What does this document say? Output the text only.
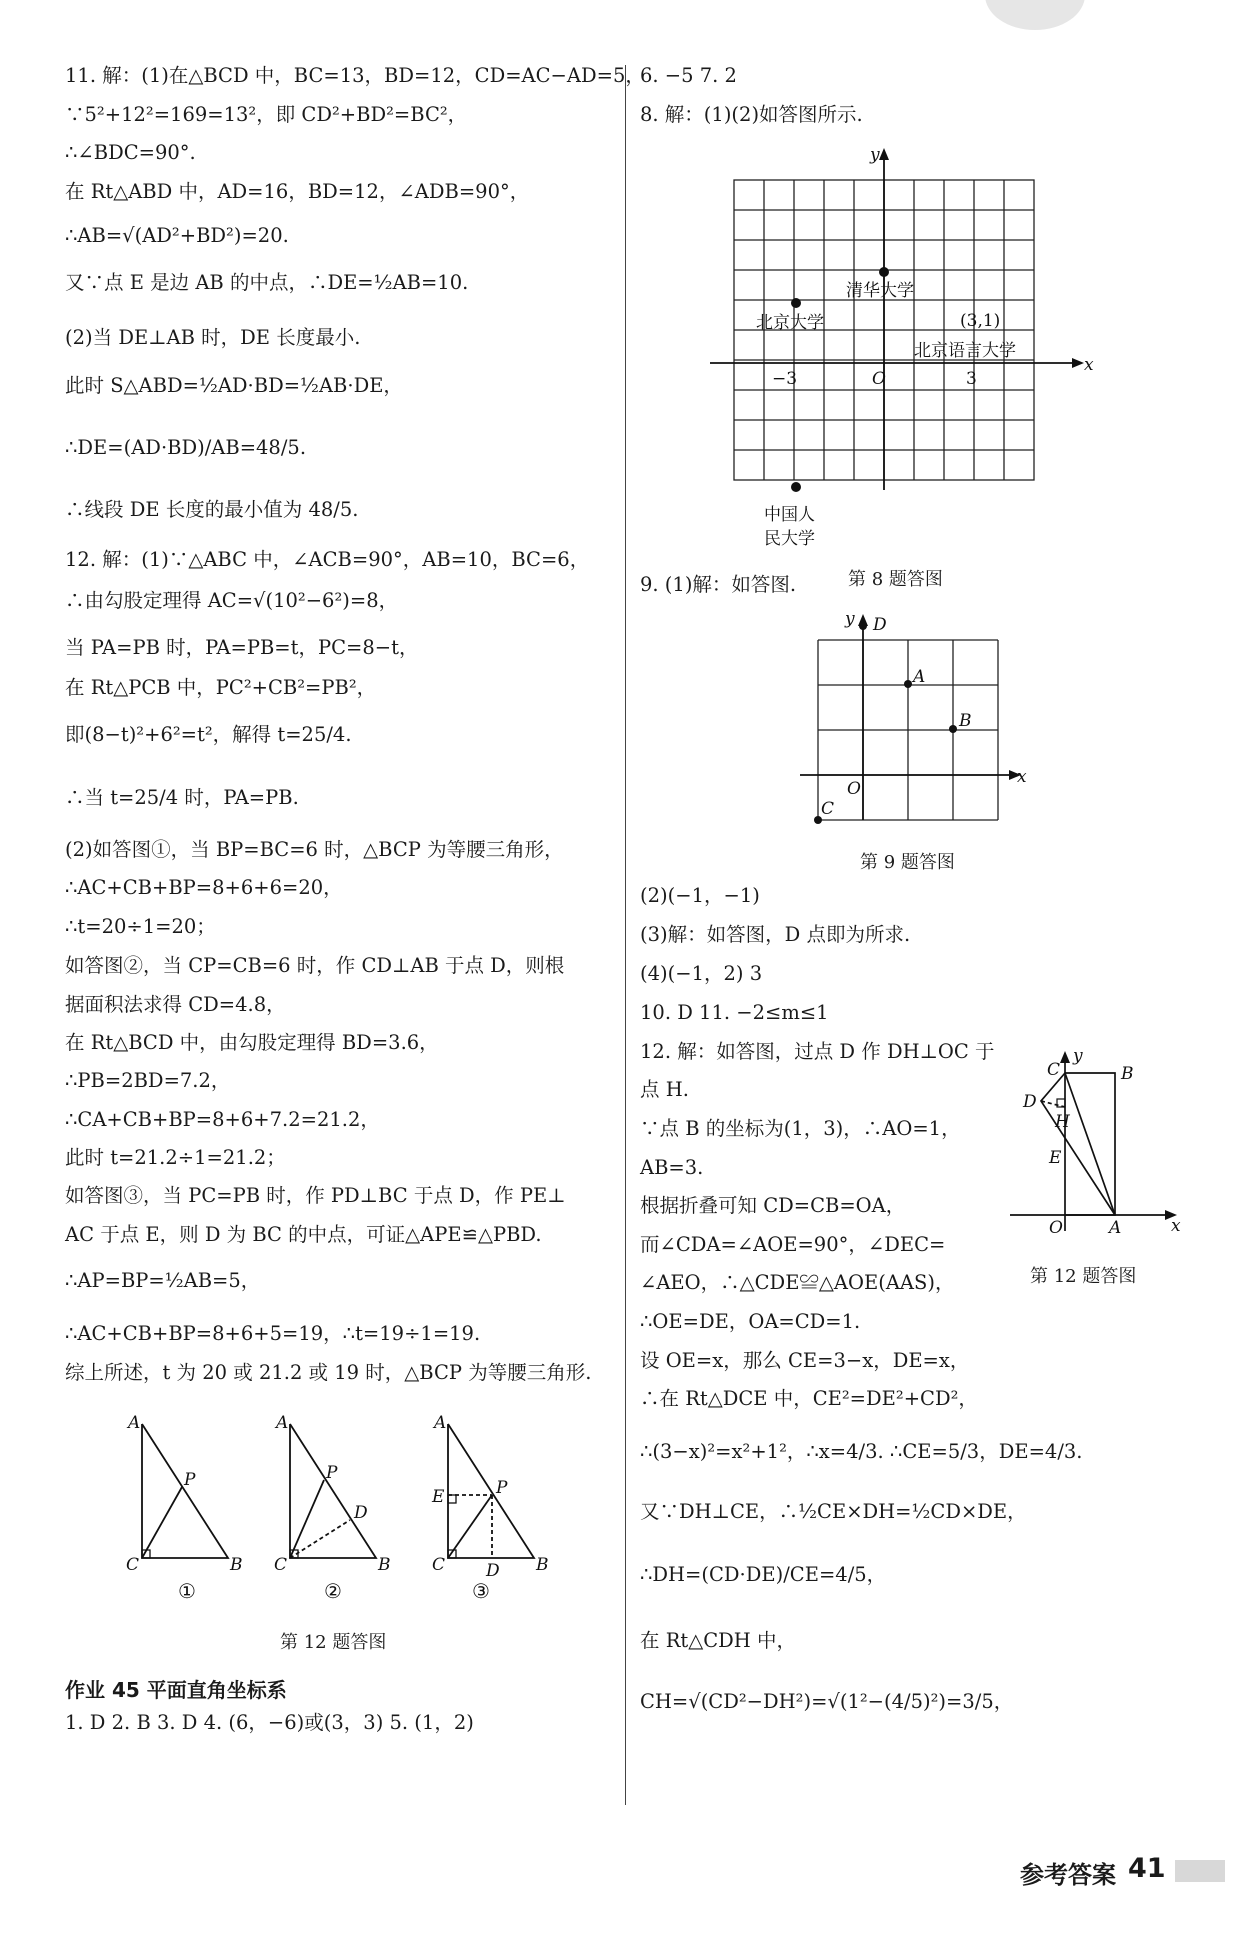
11. 解：(1)在△BCD 中，BC=13，BD=12，CD=AC−AD=5，
∵5²+12²=169=13²，即 CD²+BD²=BC²，
∴∠BDC=90°.
在 Rt△ABD 中，AD=16，BD=12，∠ADB=90°，
∴AB=√(AD²+BD²)=20.
又∵点 E 是边 AB 的中点，∴DE=½AB=10.
(2)当 DE⊥AB 时，DE 长度最小.
此时 S△ABD=½AD·BD=½AB·DE，
∴DE=(AD·BD)/AB=48/5.
∴线段 DE 长度的最小值为 48/5.
12. 解：(1)∵△ABC 中，∠ACB=90°，AB=10，BC=6，
∴由勾股定理得 AC=√(10²−6²)=8，
当 PA=PB 时，PA=PB=t，PC=8−t，
在 Rt△PCB 中，PC²+CB²=PB²，
即(8−t)²+6²=t²，解得 t=25/4.
∴当 t=25/4 时，PA=PB.
(2)如答图①，当 BP=BC=6 时，△BCP 为等腰三角形，
∴AC+CB+BP=8+6+6=20，
∴t=20÷1=20；
如答图②，当 CP=CB=6 时，作 CD⊥AB 于点 D，则根
据面积法求得 CD=4.8，
在 Rt△BCD 中，由勾股定理得 BD=3.6，
∴PB=2BD=7.2，
∴CA+CB+BP=8+6+7.2=21.2，
此时 t=21.2÷1=21.2；
如答图③，当 PC=PB 时，作 PD⊥BC 于点 D，作 PE⊥
AC 于点 E，则 D 为 BC 的中点，可证△APE≌△PBD.
∴AP=BP=½AB=5，
∴AC+CB+BP=8+6+5=19，∴t=19÷1=19.
综上所述，t 为 20 或 21.2 或 19 时，△BCP 为等腰三角形.
6. −5 7. 2
8. 解：(1)(2)如答图所示.
9. (1)解：如答图.
(2)(−1，−1)
(3)解：如答图，D 点即为所求.
(4)(−1，2) 3
10. D 11. −2≤m≤1
12. 解：如答图，过点 D 作 DH⊥OC 于
点 H.
∵点 B 的坐标为(1，3)，∴AO=1，
AB=3.
根据折叠可知 CD=CB=OA，
而∠CDA=∠AOE=90°，∠DEC=
∠AEO，∴△CDE≌△AOE(AAS)，
∴OE=DE，OA=CD=1.
设 OE=x，那么 CE=3−x，DE=x，
∴在 Rt△DCE 中，CE²=DE²+CD²，
∴(3−x)²=x²+1²，∴x=4/3. ∴CE=5/3，DE=4/3.
又∵DH⊥CE，∴½CE×DH=½CD×DE，
∴DH=(CD·DE)/CE=4/5，
在 Rt△CDH 中，
CH=√(CD²−DH²)=√(1²−(4/5)²)=3/5，
A
P
C	B
A
P
D
C	B
A
P
E
C D B
①	②	③
第 12 题答图
作业 45 平面直角坐标系
1. D 2. B 3. D 4. (6，−6)或(3，3) 5. (1，2)
y
x
O
−3	3
清华大学
北京大学	(3,1)
北京语言大学
中国人
民大学
第 8 题答图
y D
A
B
O
x
C
第 9 题答图
y
C	B
D
H
E
O	A	x
第 12 题答图
参考答案 41
